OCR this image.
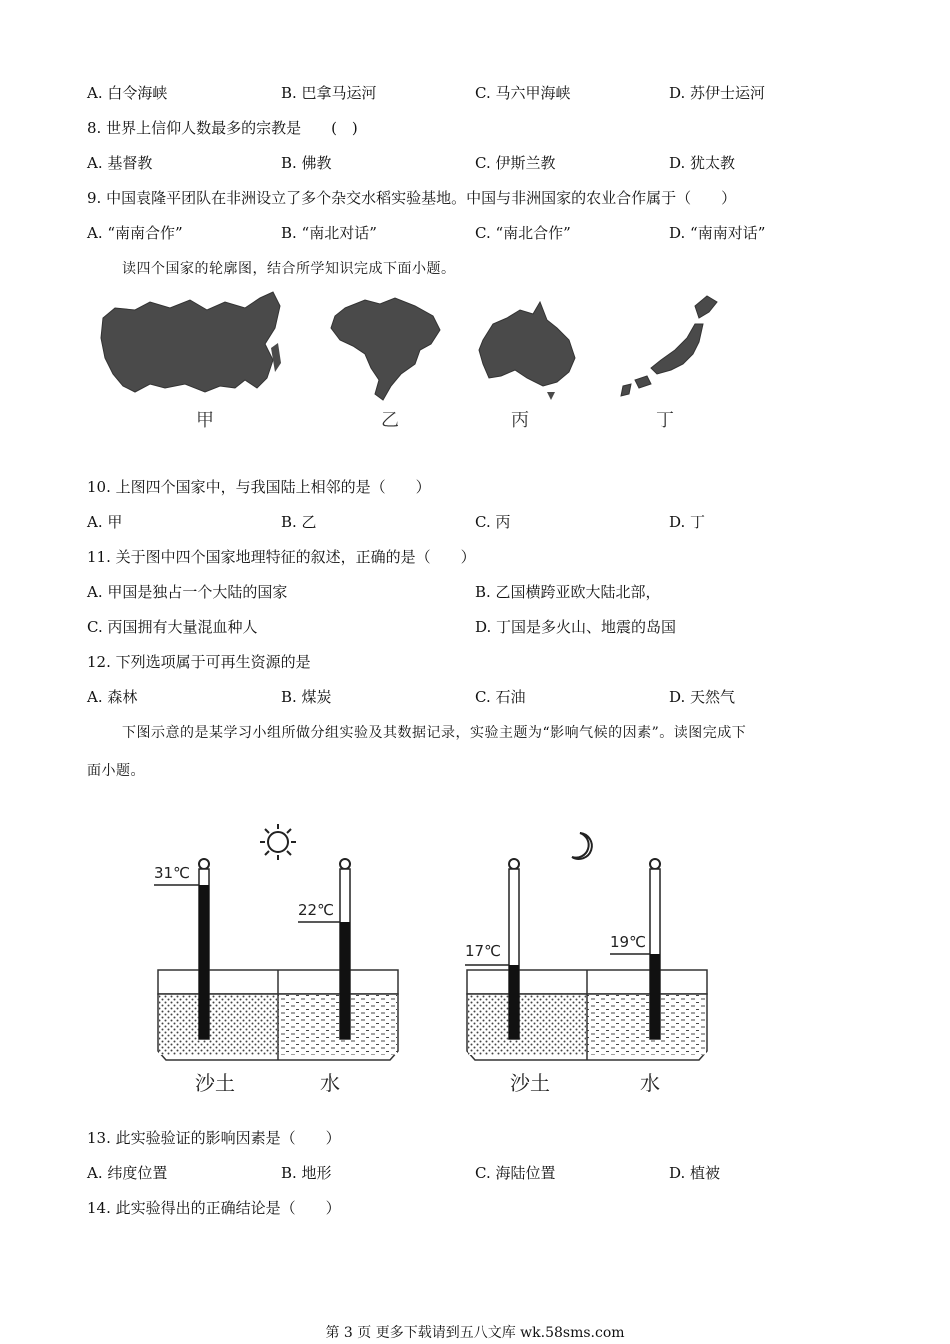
A. 白令海峡	B. 巴拿马运河	C. 马六甲海峡	D. 苏伊士运河
8. 世界上信仰人数最多的宗教是　　(　)
A. 基督教	B. 佛教	C. 伊斯兰教	D. 犹太教
9. 中国袁隆平团队在非洲设立了多个杂交水稻实验基地。中国与非洲国家的农业合作属于（　　）
A. “南南合作”	B. “南北对话”	C. “南北合作”	D. “南南对话”
读四个国家的轮廓图，结合所学知识完成下面小题。
甲	乙	丙	丁
10. 上图四个国家中，与我国陆上相邻的是（　　）
A. 甲	B. 乙	C. 丙	D. 丁
11. 关于图中四个国家地理特征的叙述，正确的是（　　）
A. 甲国是独占一个大陆的国家	B. 乙国横跨亚欧大陆北部，
C. 丙国拥有大量混血种人	D. 丁国是多火山、地震的岛国
12. 下列选项属于可再生资源的是
A. 森林	B. 煤炭	C. 石油	D. 天然气
下图示意的是某学习小组所做分组实验及其数据记录，实验主题为“影响气候的因素”。读图完成下
面小题。
31℃
22℃
沙土	水
17℃	19℃
沙土	水
13. 此实验验证的影响因素是（　　）
A. 纬度位置	B. 地形	C. 海陆位置	D. 植被
14. 此实验得出的正确结论是（　　）
第 3 页 更多下载请到五八文库 wk.58sms.com
